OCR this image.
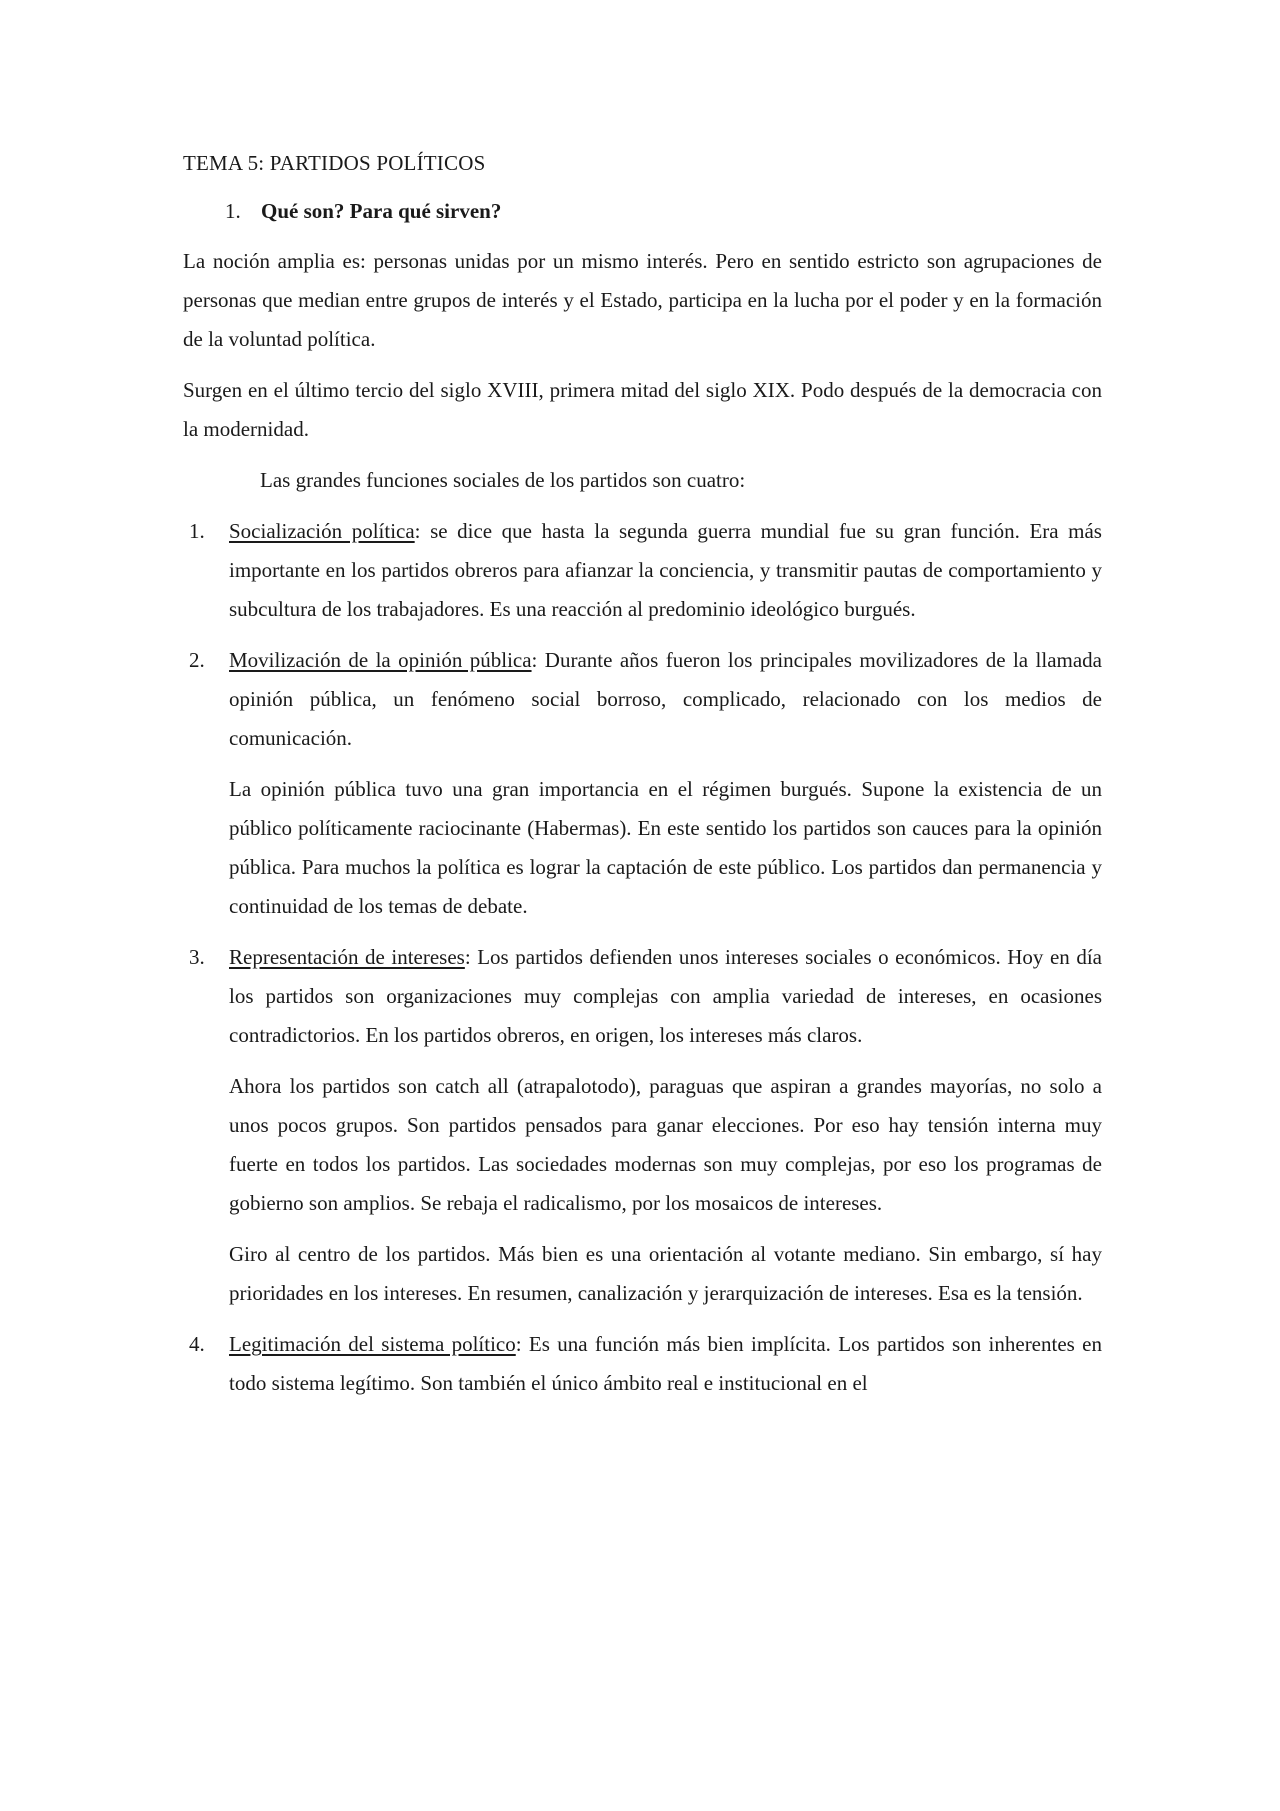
TEMA 5: PARTIDOS POLÍTICOS
1. Qué son? Para qué sirven?

La noción amplia es: personas unidas por un mismo interés. Pero en sentido estricto son agrupaciones de personas que median entre grupos de interés y el Estado, participa en la lucha por el poder y en la formación de la voluntad política.

Surgen en el último tercio del siglo XVIII, primera mitad del siglo XIX. Podo después de la democracia con la modernidad.

Las grandes funciones sociales de los partidos son cuatro:

1. Socialización política: se dice que hasta la segunda guerra mundial fue su gran función. Era más importante en los partidos obreros para afianzar la conciencia, y transmitir pautas de comportamiento y subcultura de los trabajadores. Es una reacción al predominio ideológico burgués.

2. Movilización de la opinión pública: Durante años fueron los principales movilizadores de la llamada opinión pública, un fenómeno social borroso, complicado, relacionado con los medios de comunicación.

La opinión pública tuvo una gran importancia en el régimen burgués. Supone la existencia de un público políticamente raciocinante (Habermas). En este sentido los partidos son cauces para la opinión pública. Para muchos la política es lograr la captación de este público. Los partidos dan permanencia y continuidad de los temas de debate.

3. Representación de intereses: Los partidos defienden unos intereses sociales o económicos. Hoy en día los partidos son organizaciones muy complejas con amplia variedad de intereses, en ocasiones contradictorios. En los partidos obreros, en origen, los intereses más claros.

Ahora los partidos son catch all (atrapalotodo), paraguas que aspiran a grandes mayorías, no solo a unos pocos grupos. Son partidos pensados para ganar elecciones. Por eso hay tensión interna muy fuerte en todos los partidos. Las sociedades modernas son muy complejas, por eso los programas de gobierno son amplios. Se rebaja el radicalismo, por los mosaicos de intereses.

Giro al centro de los partidos. Más bien es una orientación al votante mediano. Sin embargo, sí hay prioridades en los intereses. En resumen, canalización y jerarquización de intereses. Esa es la tensión.

4. Legitimación del sistema político: Es una función más bien implícita. Los partidos son inherentes en todo sistema legítimo. Son también el único ámbito real e institucional en el
